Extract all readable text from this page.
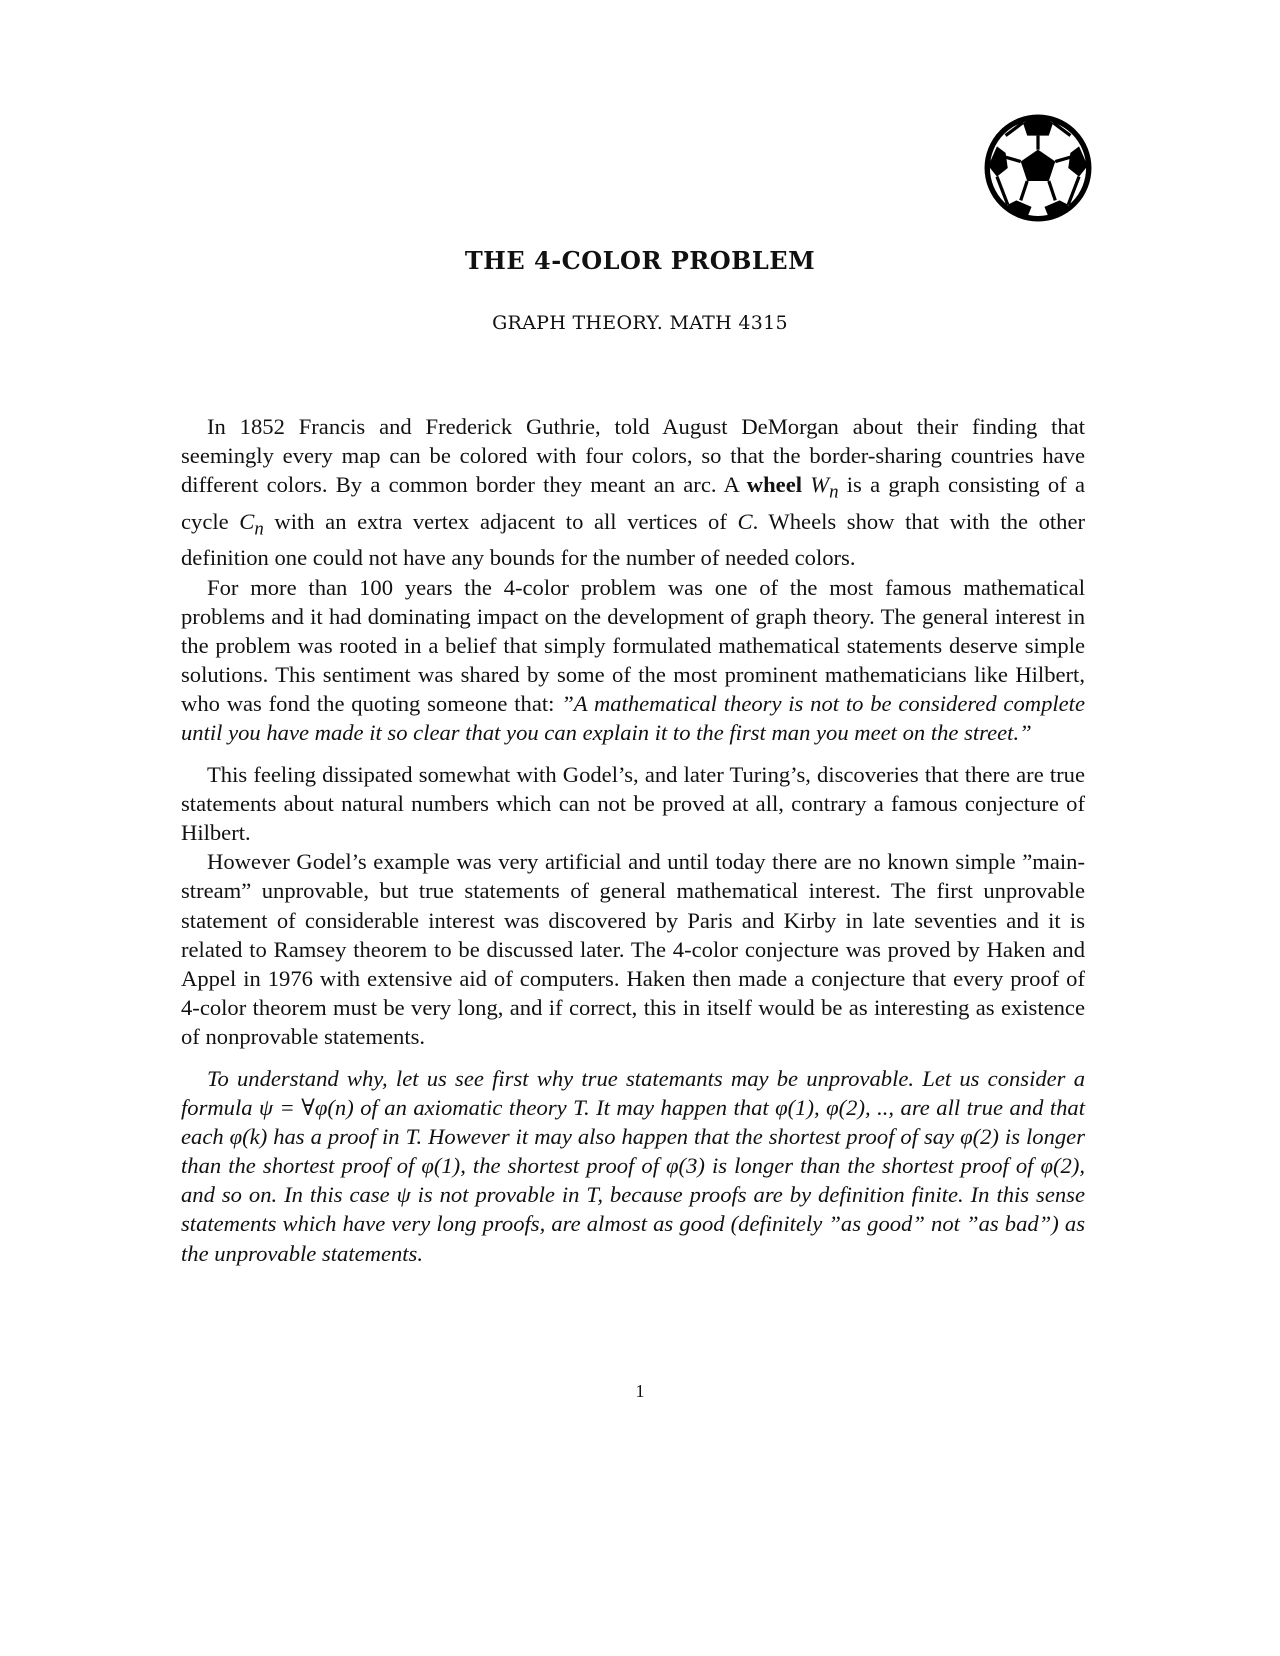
THE 4-COLOR PROBLEM
GRAPH THEORY. MATH 4315

In 1852 Francis and Frederick Guthrie, told August DeMorgan about their finding that seemingly every map can be colored with four colors, so that the border-sharing countries have different colors. By a common border they meant an arc. A wheel $W_n$ is a graph consisting of a cycle $C_n$ with an extra vertex adjacent to all vertices of C. Wheels show that with the other definition one could not have any bounds for the number of needed colors.

For more than 100 years the 4-color problem was one of the most famous mathematical problems and it had dominating impact on the development of graph theory. The general interest in the problem was rooted in a belief that simply formulated mathematical statements deserve simple solutions. This sentiment was shared by some of the most prominent mathematicians like Hilbert, who was fond the quoting someone that: ”A mathematical theory is not to be considered complete until you have made it so clear that you can explain it to the first man you meet on the street.”

This feeling dissipated somewhat with Godel’s, and later Turing’s, discoveries that there are true statements about natural numbers which can not be proved at all, contrary a famous conjecture of Hilbert.

However Godel’s example was very artificial and until today there are no known simple ”main-stream” unprovable, but true statements of general mathematical interest. The first unprovable statement of considerable interest was discovered by Paris and Kirby in late seventies and it is related to Ramsey theorem to be discussed later. The 4-color conjecture was proved by Haken and Appel in 1976 with extensive aid of computers. Haken then made a conjecture that every proof of 4-color theorem must be very long, and if correct, this in itself would be as interesting as existence of nonprovable statements.

To understand why, let us see first why true statemants may be unprovable. Let us consider a formula ψ = ∀φ(n) of an axiomatic theory T. It may happen that φ(1), φ(2), .., are all true and that each φ(k) has a proof in T. However it may also happen that the shortest proof of say φ(2) is longer than the shortest proof of φ(1), the shortest proof of φ(3) is longer than the shortest proof of φ(2), and so on. In this case ψ is not provable in T, because proofs are by definition finite. In this sense statements which have very long proofs, are almost as good (definitely ”as good” not ”as bad”) as the unprovable statements.

1
